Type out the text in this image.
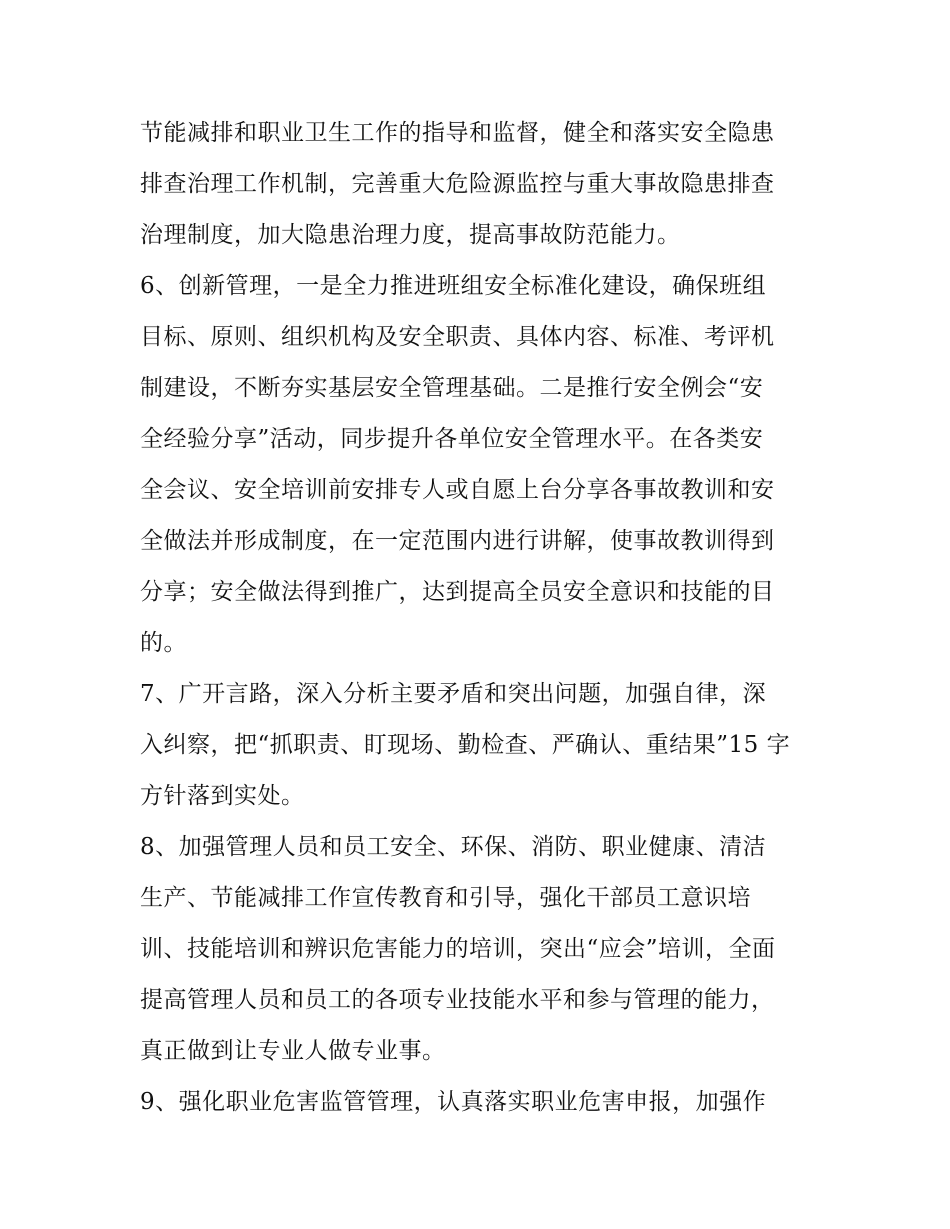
节能减排和职业卫生工作的指导和监督，健全和落实安全隐患
排查治理工作机制，完善重大危险源监控与重大事故隐患排查
治理制度，加大隐患治理力度，提高事故防范能力。
6、创新管理，一是全力推进班组安全标准化建设，确保班组
目标、原则、组织机构及安全职责、具体内容、标准、考评机
制建设，不断夯实基层安全管理基础。二是推行安全例会“安
全经验分享”活动，同步提升各单位安全管理水平。在各类安
全会议、安全培训前安排专人或自愿上台分享各事故教训和安
全做法并形成制度，在一定范围内进行讲解，使事故教训得到
分享；安全做法得到推广，达到提高全员安全意识和技能的目
的。
7、广开言路，深入分析主要矛盾和突出问题，加强自律，深
入纠察，把“抓职责、盯现场、勤检查、严确认、重结果”15 字
方针落到实处。
8、加强管理人员和员工安全、环保、消防、职业健康、清洁
生产、节能减排工作宣传教育和引导，强化干部员工意识培
训、技能培训和辨识危害能力的培训，突出“应会”培训，全面
提高管理人员和员工的各项专业技能水平和参与管理的能力，
真正做到让专业人做专业事。
9、强化职业危害监管管理，认真落实职业危害申报，加强作
